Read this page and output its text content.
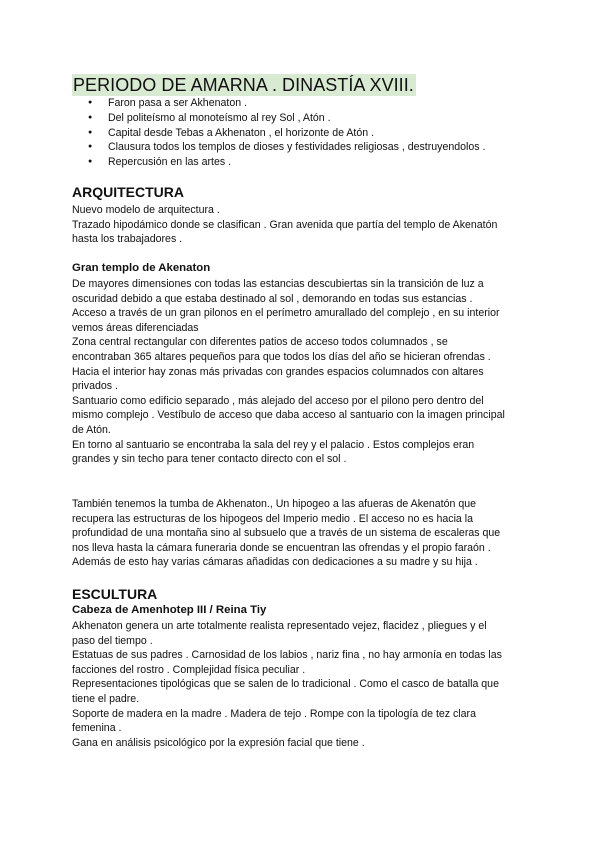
PERIODO DE AMARNA . DINASTÍA XVIII.
● Faron pasa a ser Akhenaton .
● Del politeísmo al monoteísmo al rey Sol , Atón .
● Capital desde Tebas a Akhenaton , el horizonte de Atón .
● Clausura todos los templos de dioses y festividades religiosas , destruyendolos .
● Repercusión en las artes .
ARQUITECTURA
Nuevo modelo de arquitectura .
Trazado hipodámico donde se clasifican . Gran avenida que partía del templo de Akenatón
hasta los trabajadores .
Gran templo de Akenaton
De mayores dimensiones con todas las estancias descubiertas sin la transición de luz a
oscuridad debido a que estaba destinado al sol , demorando en todas sus estancias .
Acceso a través de un gran pilonos en el perímetro amurallado del complejo , en su interior
vemos áreas diferenciadas
Zona central rectangular con diferentes patios de acceso todos columnados , se
encontraban 365 altares pequeños para que todos los días del año se hicieran ofrendas .
Hacia el interior hay zonas más privadas con grandes espacios columnados con altares
privados .
Santuario como edificio separado , más alejado del acceso por el pilono pero dentro del
mismo complejo . Vestíbulo de acceso que daba acceso al santuario con la imagen principal
de Atón.
En torno al santuario se encontraba la sala del rey y el palacio . Estos complejos eran
grandes y sin techo para tener contacto directo con el sol .
También tenemos la tumba de Akhenaton., Un hipogeo a las afueras de Akenatón que
recupera las estructuras de los hipogeos del Imperio medio . El acceso no es hacia la
profundidad de una montaña sino al subsuelo que a través de un sistema de escaleras que
nos lleva hasta la cámara funeraria donde se encuentran las ofrendas y el propio faraón .
Además de esto hay varias cámaras añadidas con dedicaciones a su madre y su hija .
ESCULTURA
Cabeza de Amenhotep III / Reina Tiy
Akhenaton genera un arte totalmente realista representado vejez, flacidez , pliegues y el
paso del tiempo .
Estatuas de sus padres . Carnosidad de los labios , nariz fina , no hay armonía en todas las
facciones del rostro . Complejidad física peculiar .
Representaciones tipológicas que se salen de lo tradicional . Como el casco de batalla que
tiene el padre.
Soporte de madera en la madre . Madera de tejo . Rompe con la tipología de tez clara
femenina .
Gana en análisis psicológico por la expresión facial que tiene .
